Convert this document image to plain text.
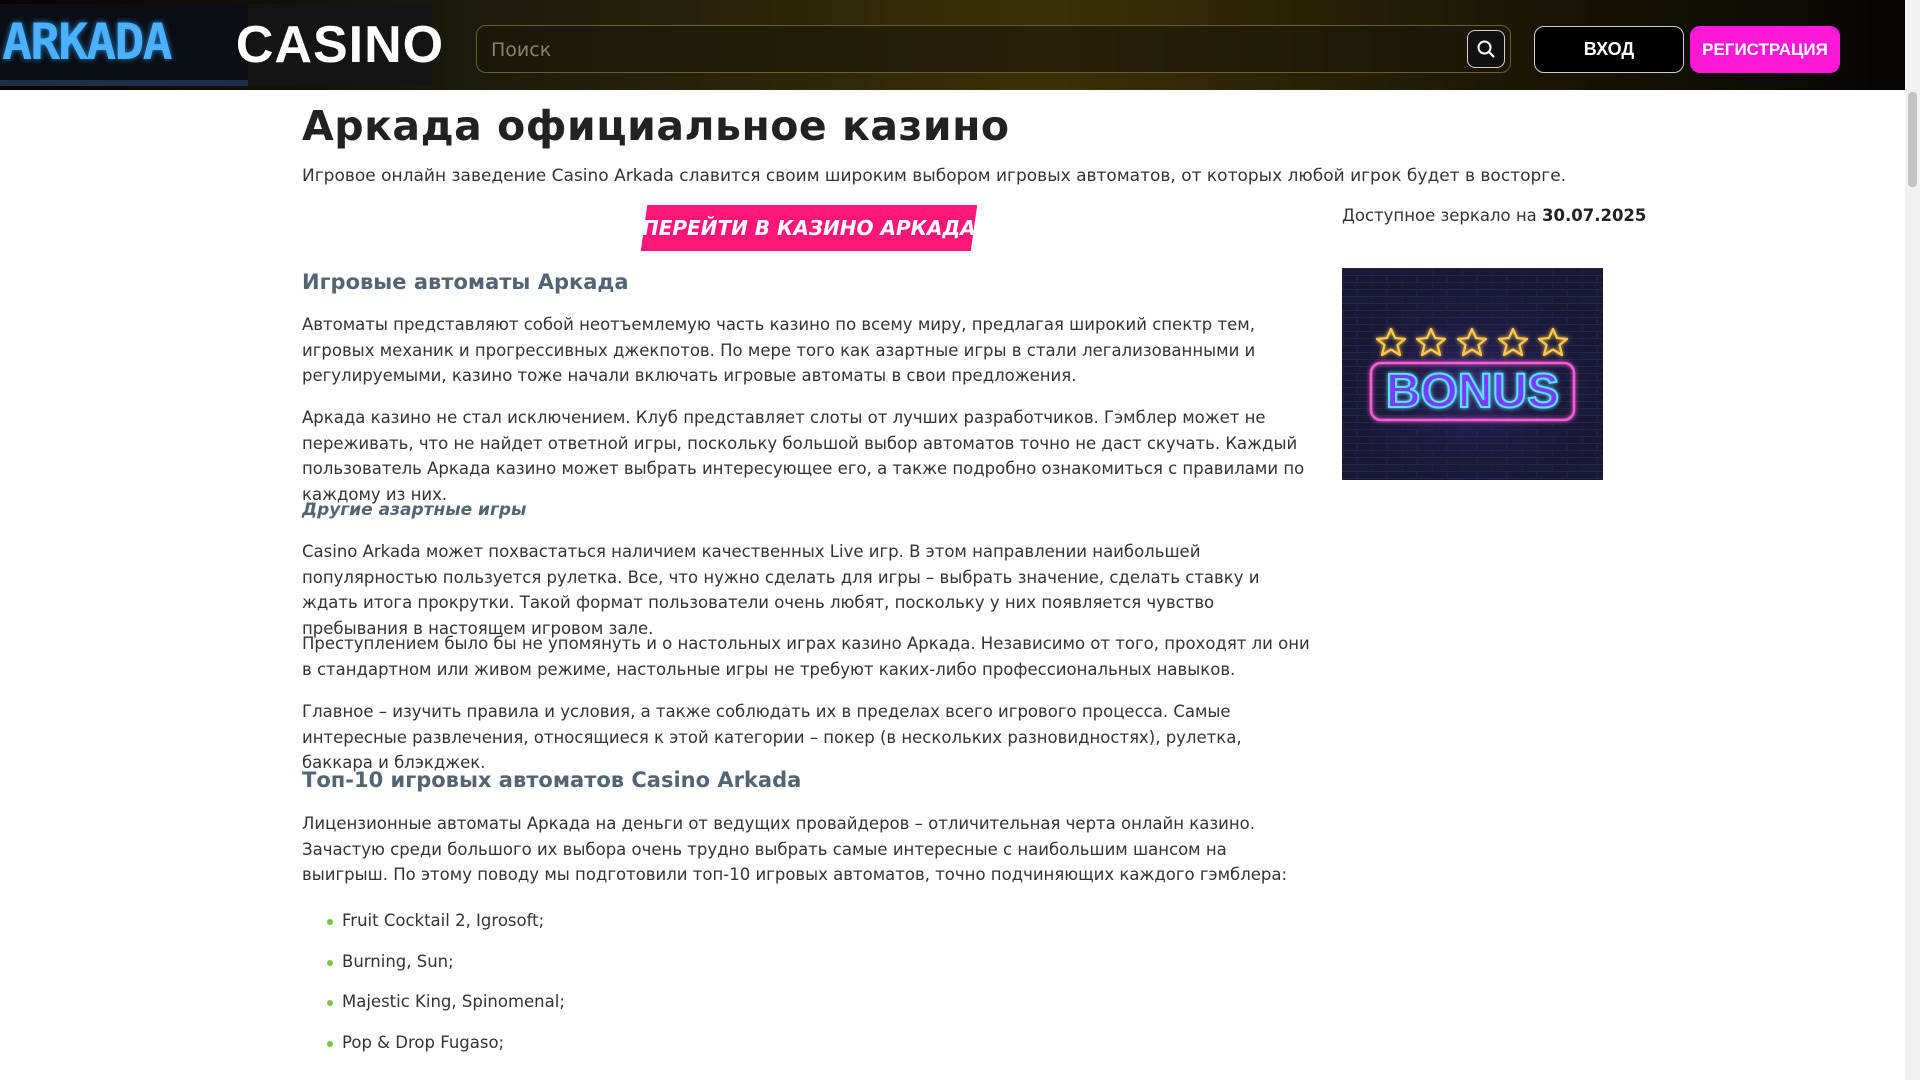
ARKADA CASINO
Поиск	ВХОД	РЕГИСТРАЦИЯ
Аркада официальное казино
Игровое онлайн заведение Casino Arkada славится своим широким выбором игровых автоматов, от которых любой игрок будет в восторге.
ПЕРЕЙТИ В КАЗИНО АРКАДА
Игровые автоматы Аркада

Автоматы представляют собой неотъемлемую часть казино по всему миру, предлагая широкий спектр тем, игровых механик и прогрессивных джекпотов. По мере того как азартные игры в стали легализованными и регулируемыми, казино тоже начали включать игровые автоматы в свои предложения.

Аркада казино не стал исключением. Клуб представляет слоты от лучших разработчиков. Гэмблер может не переживать, что не найдет ответной игры, поскольку большой выбор автоматов точно не даст скучать. Каждый пользователь Аркада казино может выбрать интересующее его, а также подробно ознакомиться с правилами по каждому из них.

Другие азартные игры

Casino Arkada может похвастаться наличием качественных Live игр. В этом направлении наибольшей популярностью пользуется рулетка. Все, что нужно сделать для игры – выбрать значение, сделать ставку и ждать итога прокрутки. Такой формат пользователи очень любят, поскольку у них появляется чувство пребывания в настоящем игровом зале.

Преступлением было бы не упомянуть и о настольных играх казино Аркада. Независимо от того, проходят ли они в стандартном или живом режиме, настольные игры не требуют каких-либо профессиональных навыков.

Главное – изучить правила и условия, а также соблюдать их в пределах всего игрового процесса. Самые интересные развлечения, относящиеся к этой категории – покер (в нескольких разновидностях), рулетка, баккара и блэкджек.

Топ-10 игровых автоматов Casino Arkada

Лицензионные автоматы Аркада на деньги от ведущих провайдеров – отличительная черта онлайн казино. Зачастую среди большого их выбора очень трудно выбрать самые интересные с наибольшим шансом на выигрыш. По этому поводу мы подготовили топ-10 игровых автоматов, точно подчиняющих каждого гэмблера:

Fruit Cocktail 2, Igrosoft;
Burning, Sun;
Majestic King, Spinomenal;
Pop & Drop Fugaso;
Доступное зеркало на 30.07.2025
BONUS
